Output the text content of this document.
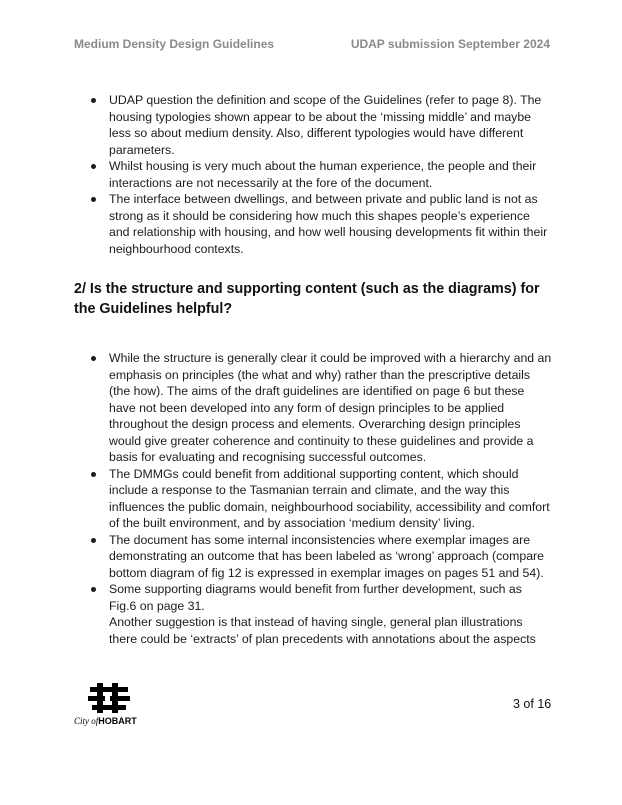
Medium Density Design Guidelines	UDAP submission September 2024
UDAP question the definition and scope of the Guidelines (refer to page 8). The housing typologies shown appear to be about the ‘missing middle’ and maybe less so about medium density. Also, different typologies would have different parameters.
Whilst housing is very much about the human experience, the people and their interactions are not necessarily at the fore of the document.
The interface between dwellings, and between private and public land is not as strong as it should be considering how much this shapes people’s experience and relationship with housing, and how well housing developments fit within their neighbourhood contexts.
2/ Is the structure and supporting content (such as the diagrams) for the Guidelines helpful?
While the structure is generally clear it could be improved with a hierarchy and an emphasis on principles (the what and why) rather than the prescriptive details (the how). The aims of the draft guidelines are identified on page 6 but these have not been developed into any form of design principles to be applied throughout the design process and elements. Overarching design principles would give greater coherence and continuity to these guidelines and provide a basis for evaluating and recognising successful outcomes.
The DMMGs could benefit from additional supporting content, which should include a response to the Tasmanian terrain and climate, and the way this influences the public domain, neighbourhood sociability, accessibility and comfort of the built environment, and by association ‘medium density’ living.
The document has some internal inconsistencies where exemplar images are demonstrating an outcome that has been labeled as ‘wrong’ approach (compare bottom diagram of fig 12 is expressed in exemplar images on pages 51 and 54).
Some supporting diagrams would benefit from further development, such as Fig.6 on page 31.
Another suggestion is that instead of having single, general plan illustrations there could be ‘extracts’ of plan precedents with annotations about the aspects
City ofHOBART
3 of 16
